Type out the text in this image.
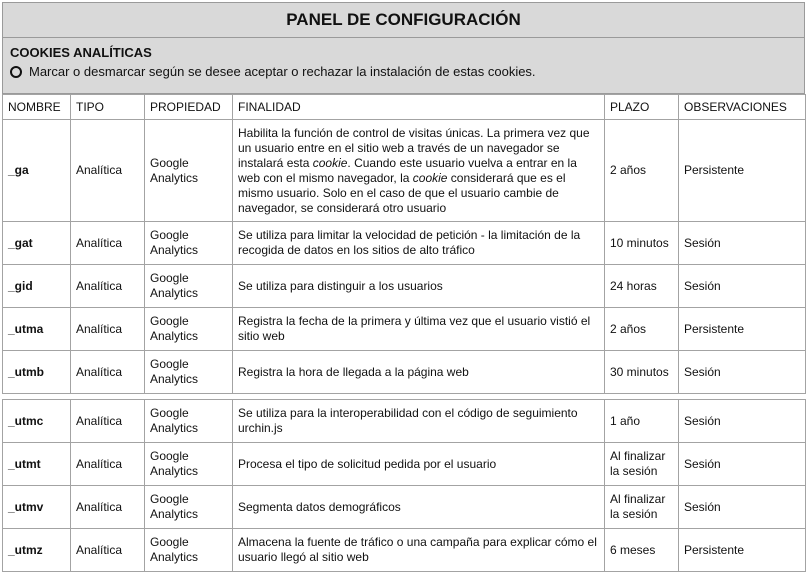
PANEL DE CONFIGURACIÓN
COOKIES ANALÍTICAS
Marcar o desmarcar según se desee aceptar o rechazar la instalación de estas cookies.
NOMBRE	TIPO	PROPIEDAD	FINALIDAD	PLAZO	OBSERVACIONES
_ga	Analítica	Google Analytics	Habilita la función de control de visitas únicas. La primera vez que un usuario entre en el sitio web a través de un navegador se instalará esta cookie. Cuando este usuario vuelva a entrar en la web con el mismo navegador, la cookie considerará que es el mismo usuario. Solo en el caso de que el usuario cambie de navegador, se considerará otro usuario	2 años	Persistente
_gat	Analítica	Google Analytics	Se utiliza para limitar la velocidad de petición - la limitación de la recogida de datos en los sitios de alto tráfico	10 minutos	Sesión
_gid	Analítica	Google Analytics	Se utiliza para distinguir a los usuarios	24 horas	Sesión
_utma	Analítica	Google Analytics	Registra la fecha de la primera y última vez que el usuario vistió el sitio web	2 años	Persistente
_utmb	Analítica	Google Analytics	Registra la hora de llegada a la página web	30 minutos	Sesión

_utmc	Analítica	Google Analytics	Se utiliza para la interoperabilidad con el código de seguimiento urchin.js	1 año	Sesión
_utmt	Analítica	Google Analytics	Procesa el tipo de solicitud pedida por el usuario	Al finalizar la sesión	Sesión
_utmv	Analítica	Google Analytics	Segmenta datos demográficos	Al finalizar la sesión	Sesión
_utmz	Analítica	Google Analytics	Almacena la fuente de tráfico o una campaña para explicar cómo el usuario llegó al sitio web	6 meses	Persistente
